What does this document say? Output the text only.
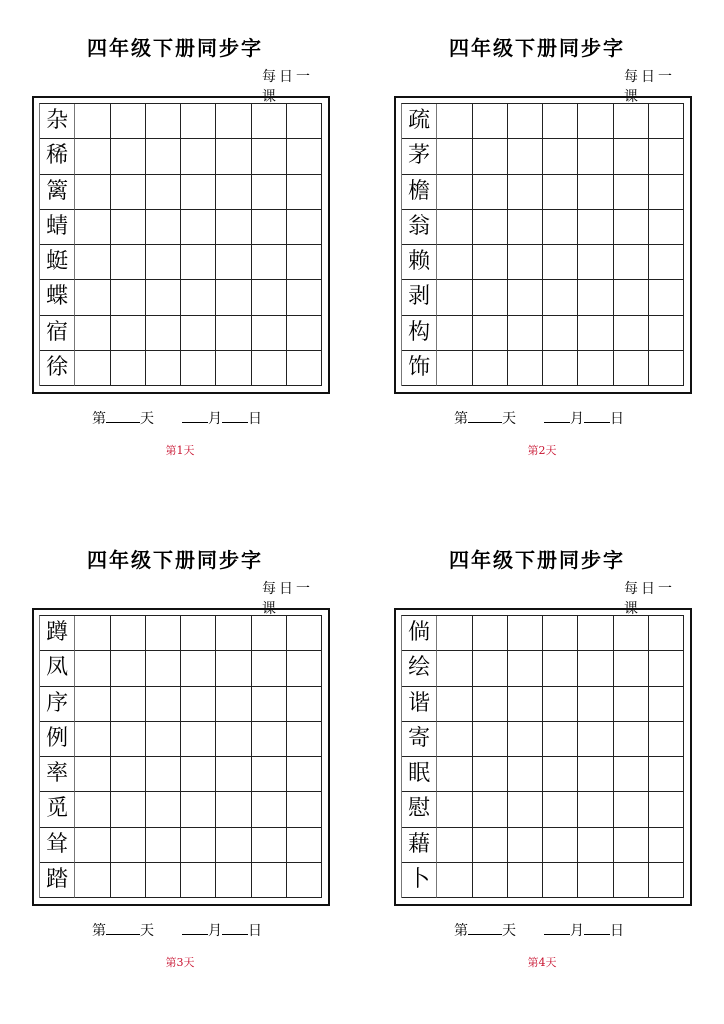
四年级下册同步字
每日一课
杂
稀
篱
蜻
蜓
蝶
宿
徐
第 天	月 日
第1天
四年级下册同步字
每日一课
疏
茅
檐
翁
赖
剥
构
饰
第 天	月 日
第2天
四年级下册同步字
每日一课
蹲
凤
序
例
率
觅
耸
踏
第 天	月 日
第3天
四年级下册同步字
每日一课
倘
绘
谐
寄
眠
慰
藉
卜
第 天	月 日
第4天
